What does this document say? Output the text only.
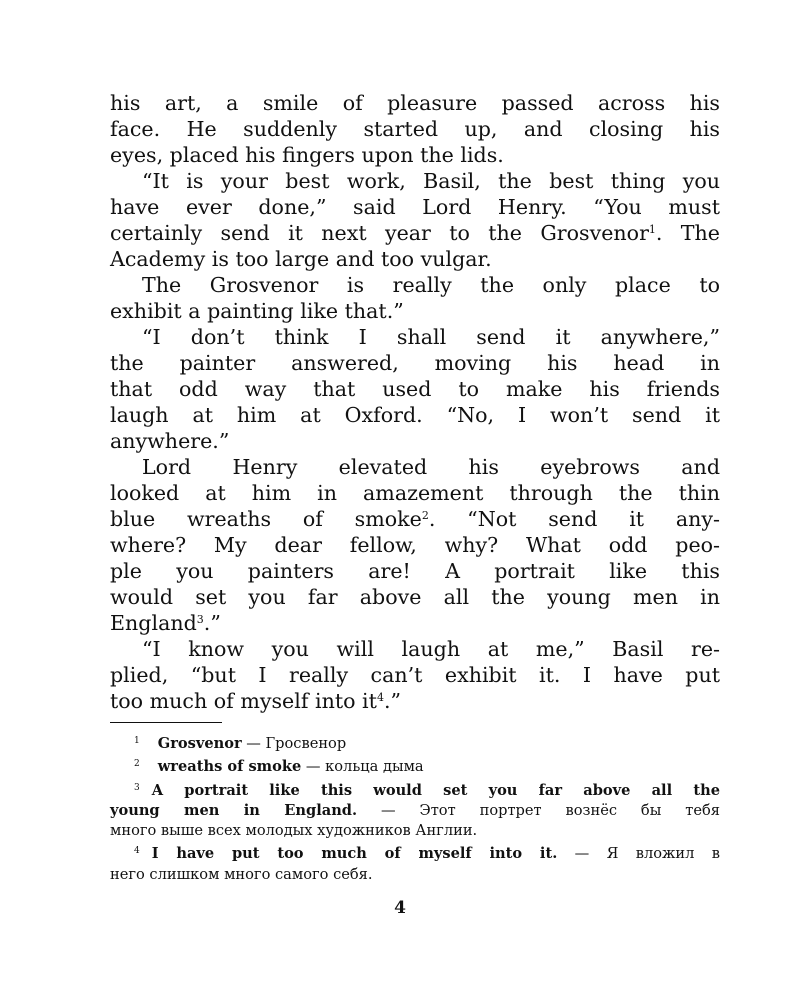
his art, a smile of pleasure passed across his
face. He suddenly started up, and closing his
eyes, placed his fingers upon the lids.
“It is your best work, Basil, the best thing you
have ever done,” said Lord Henry. “You must
certainly send it next year to the Grosvenor$^1$. The
Academy is too large and too vulgar.
The Grosvenor is really the only place to
exhibit a painting like that.”
“I don’t think I shall send it anywhere,”
the painter answered, moving his head in
that odd way that used to make his friends
laugh at him at Oxford. “No, I won’t send it
anywhere.”
Lord Henry elevated his eyebrows and
looked at him in amazement through the thin
blue wreaths of smoke$^2$. “Not send it any-
where? My dear fellow, why? What odd peo-
ple you painters are! A portrait like this
would set you far above all the young men in
England$^3$.”
“I know you will laugh at me,” Basil re-
plied, “but I really can’t exhibit it. I have put
too much of myself into $it^4$.”
1 Grosvenor — Гросвенор
2 wreaths of smoke — кольца дыма
3 A portrait like this would set you far above all the
young men in England. — Этот портрет вознёс бы тебя
много выше всех молодых художников Англии.
4 I have put too much of myself into it. — Я вложил в
него слишком много самого себя.
4
